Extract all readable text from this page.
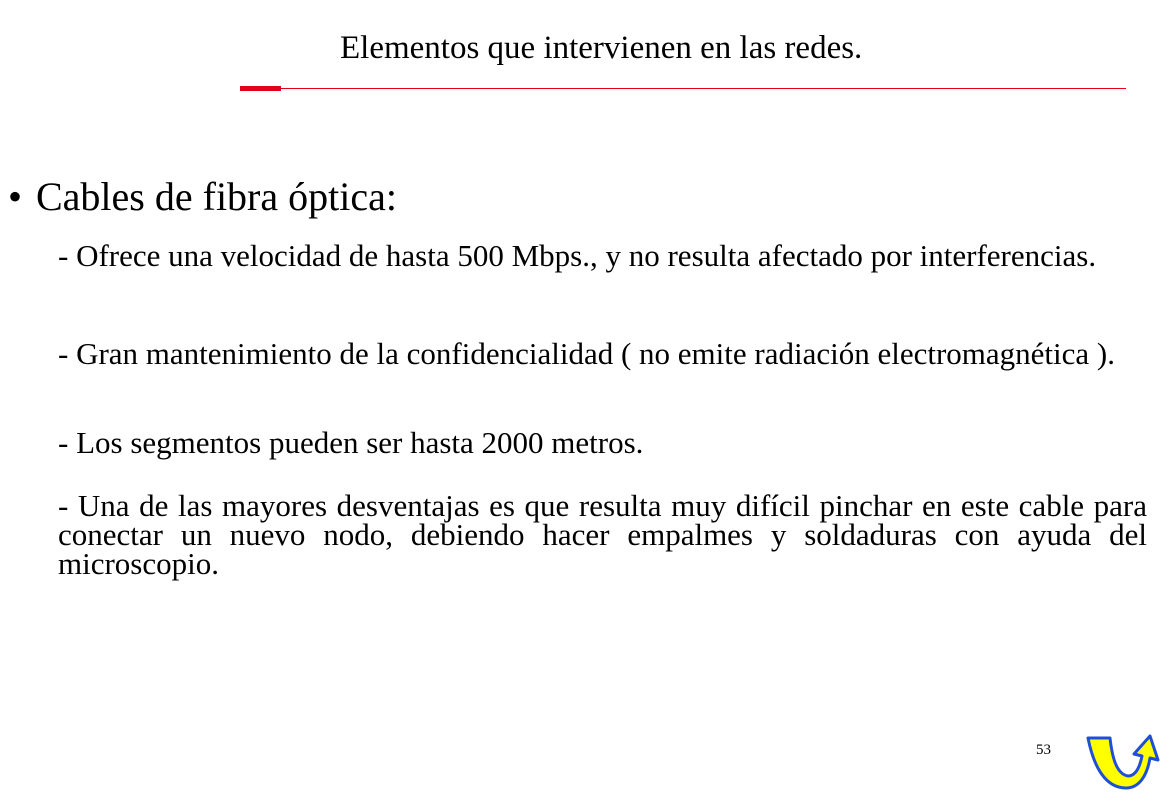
Elementos que intervienen en las redes.
• Cables de fibra óptica:
- Ofrece una velocidad de hasta 500 Mbps., y no resulta afectado por interferencias.
- Gran mantenimiento de la confidencialidad ( no emite radiación electromagnética ).
- Los segmentos pueden ser hasta 2000 metros.
- Una de las mayores desventajas es que resulta muy difícil pinchar en este cable para conectar un nuevo nodo, debiendo hacer empalmes y soldaduras con ayuda del microscopio.
53
